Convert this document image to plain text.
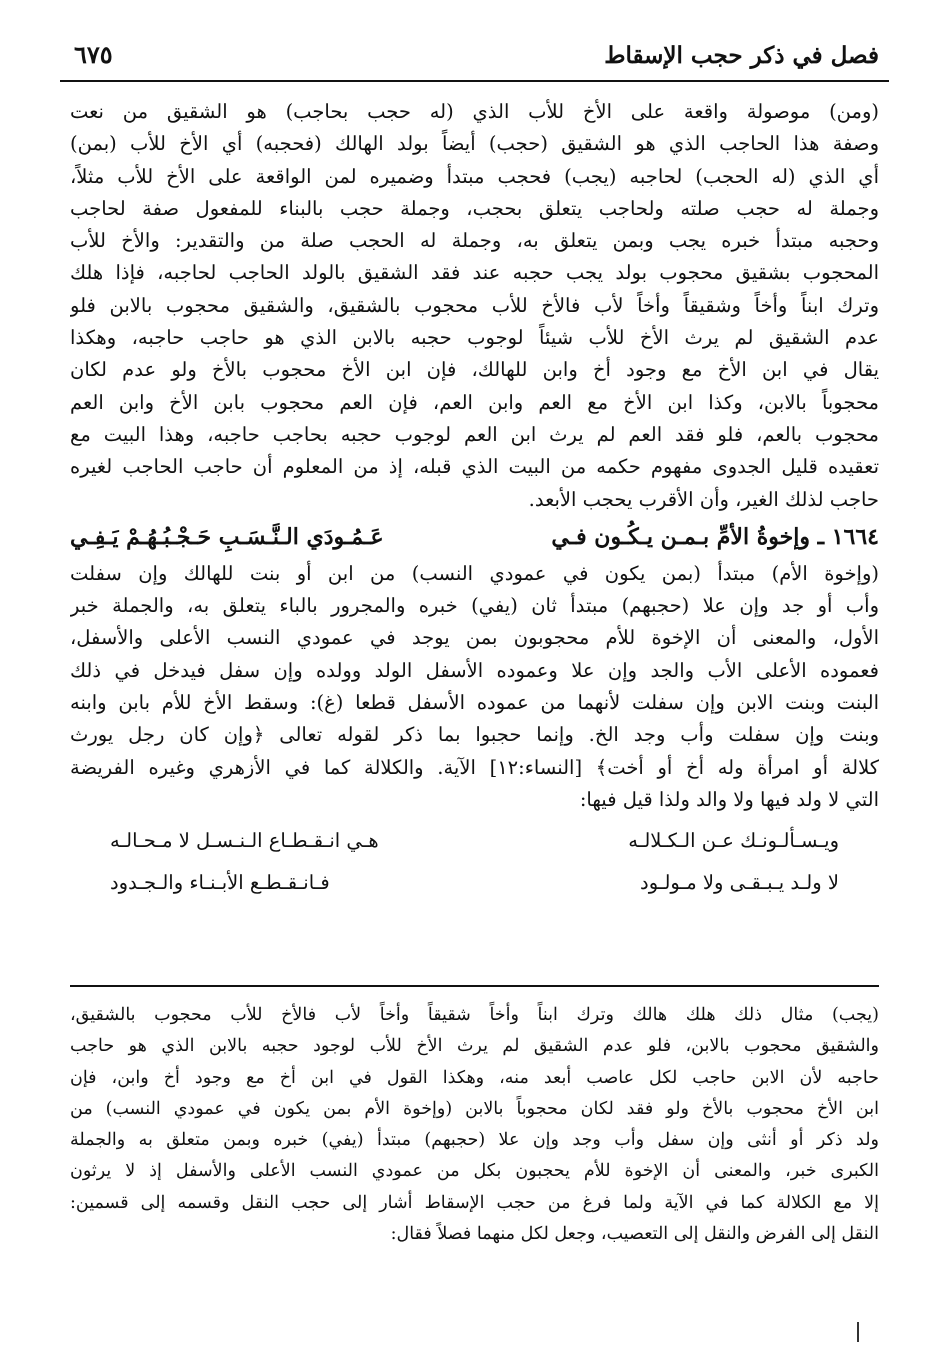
فصل في ذكر حجب الإسقاط
٦٧٥
(ومن) موصولة واقعة على الأخ للأب الذي (له حجب بحاجب) هو الشقيق من نعت
وصفة هذا الحاجب الذي هو الشقيق (حجب) أيضاً بولد الهالك (فحجبه) أي الأخ للأب (بمن)
أي الذي (له الحجب) لحاجبه (يجب) فحجب مبتدأ وضميره لمن الواقعة على الأخ للأب مثلاً،
وجملة له حجب صلته ولحاجب يتعلق بحجب، وجملة حجب بالبناء للمفعول صفة لحاجب
وحجبه مبتدأ خبره يجب وبمن يتعلق به، وجملة له الحجب صلة من والتقدير: والأخ للأب
المحجوب بشقيق محجوب بولد يجب حجبه عند فقد الشقيق بالولد الحاجب لحاجبه، فإذا هلك
وترك ابناً وأخاً وشقيقاً وأخاً لأب فالأخ للأب محجوب بالشقيق، والشقيق محجوب بالابن فلو
عدم الشقيق لم يرث الأخ للأب شيئاً لوجوب حجبه بالابن الذي هو حاجب حاجبه، وهكذا
يقال في ابن الأخ مع وجود أخ وابن للهالك، فإن ابن الأخ محجوب بالأخ ولو عدم لكان
محجوباً بالابن، وكذا ابن الأخ مع العم وابن العم، فإن العم محجوب بابن الأخ وابن العم
محجوب بالعم، فلو فقد العم لم يرث ابن العم لوجوب حجبه بحاجب حاجبه، وهذا البيت مع
تعقيده قليل الجدوى مفهوم حكمه من البيت الذي قبله، إذ من المعلوم أن حاجب الحاجب لغيره
حاجب لذلك الغير، وأن الأقرب يحجب الأبعد.
١٦٦٤ ـ وإخوةُ الأمِّ بـمـن يـكُـون فـي
عَـمُـودَي الـنَّـسَـبِ حَـجْـبُـهُـمْ يَـفِـي
(وإخوة الأم) مبتدأ (بمن يكون في عمودي النسب) من ابن أو بنت للهالك وإن سفلت
وأب أو جد وإن علا (حجبهم) مبتدأ ثان (يفي) خبره والمجرور بالباء يتعلق به، والجملة خبر
الأول، والمعنى أن الإخوة للأم محجوبون بمن يوجد في عمودي النسب الأعلى والأسفل،
فعموده الأعلى الأب والجد وإن علا وعموده الأسفل الولد وولده وإن سفل فيدخل في ذلك
البنت وبنت الابن وإن سفلت لأنهما من عموده الأسفل قطعا (غ): وسقط الأخ للأم بابن وابنه
وبنت وإن سفلت وأب وجد الخ. وإنما حجبوا بما ذكر لقوله تعالى ﴿وإن كان رجل يورث
كلالة أو امرأة وله أخ أو أخت﴾ [النساء:١٢] الآية. والكلالة كما في الأزهري وغيره الفريضة
التي لا ولد فيها ولا والد ولذا قيل فيها:
ويـسـألـونـك عـن الـكـلالـه
هـي انـقـطـاع الـنـسـل لا مـحـالـه
لا ولـد يـبـقـى ولا مـولـود
فـانـقـطـع الأبـنـاء والـجـدود
(يجب) مثال ذلك هلك هالك وترك ابناً وأخاً شقيقاً وأخاً لأب فالأخ للأب محجوب بالشقيق،
والشقيق محجوب بالابن، فلو عدم الشقيق لم يرث الأخ للأب لوجود حجبه بالابن الذي هو حاجب
حاجبه لأن الابن حاجب لكل عاصب أبعد منه، وهكذا القول في ابن أخ مع وجود أخ وابن، فإن
ابن الأخ محجوب بالأخ ولو فقد لكان محجوباً بالابن (وإخوة الأم بمن يكون في عمودي النسب) من
ولد ذكر أو أنثى وإن سفل وأب وجد وإن علا (حجبهم) مبتدأ (يفي) خبره وبمن متعلق به والجملة
الكبرى خبر، والمعنى أن الإخوة للأم يحجبون بكل من عمودي النسب الأعلى والأسفل إذ لا يرثون
إلا مع الكلالة كما في الآية ولما فرغ من حجب الإسقاط أشار إلى حجب النقل وقسمه إلى قسمين:
النقل إلى الفرض والنقل إلى التعصيب، وجعل لكل منهما فصلاً فقال:
